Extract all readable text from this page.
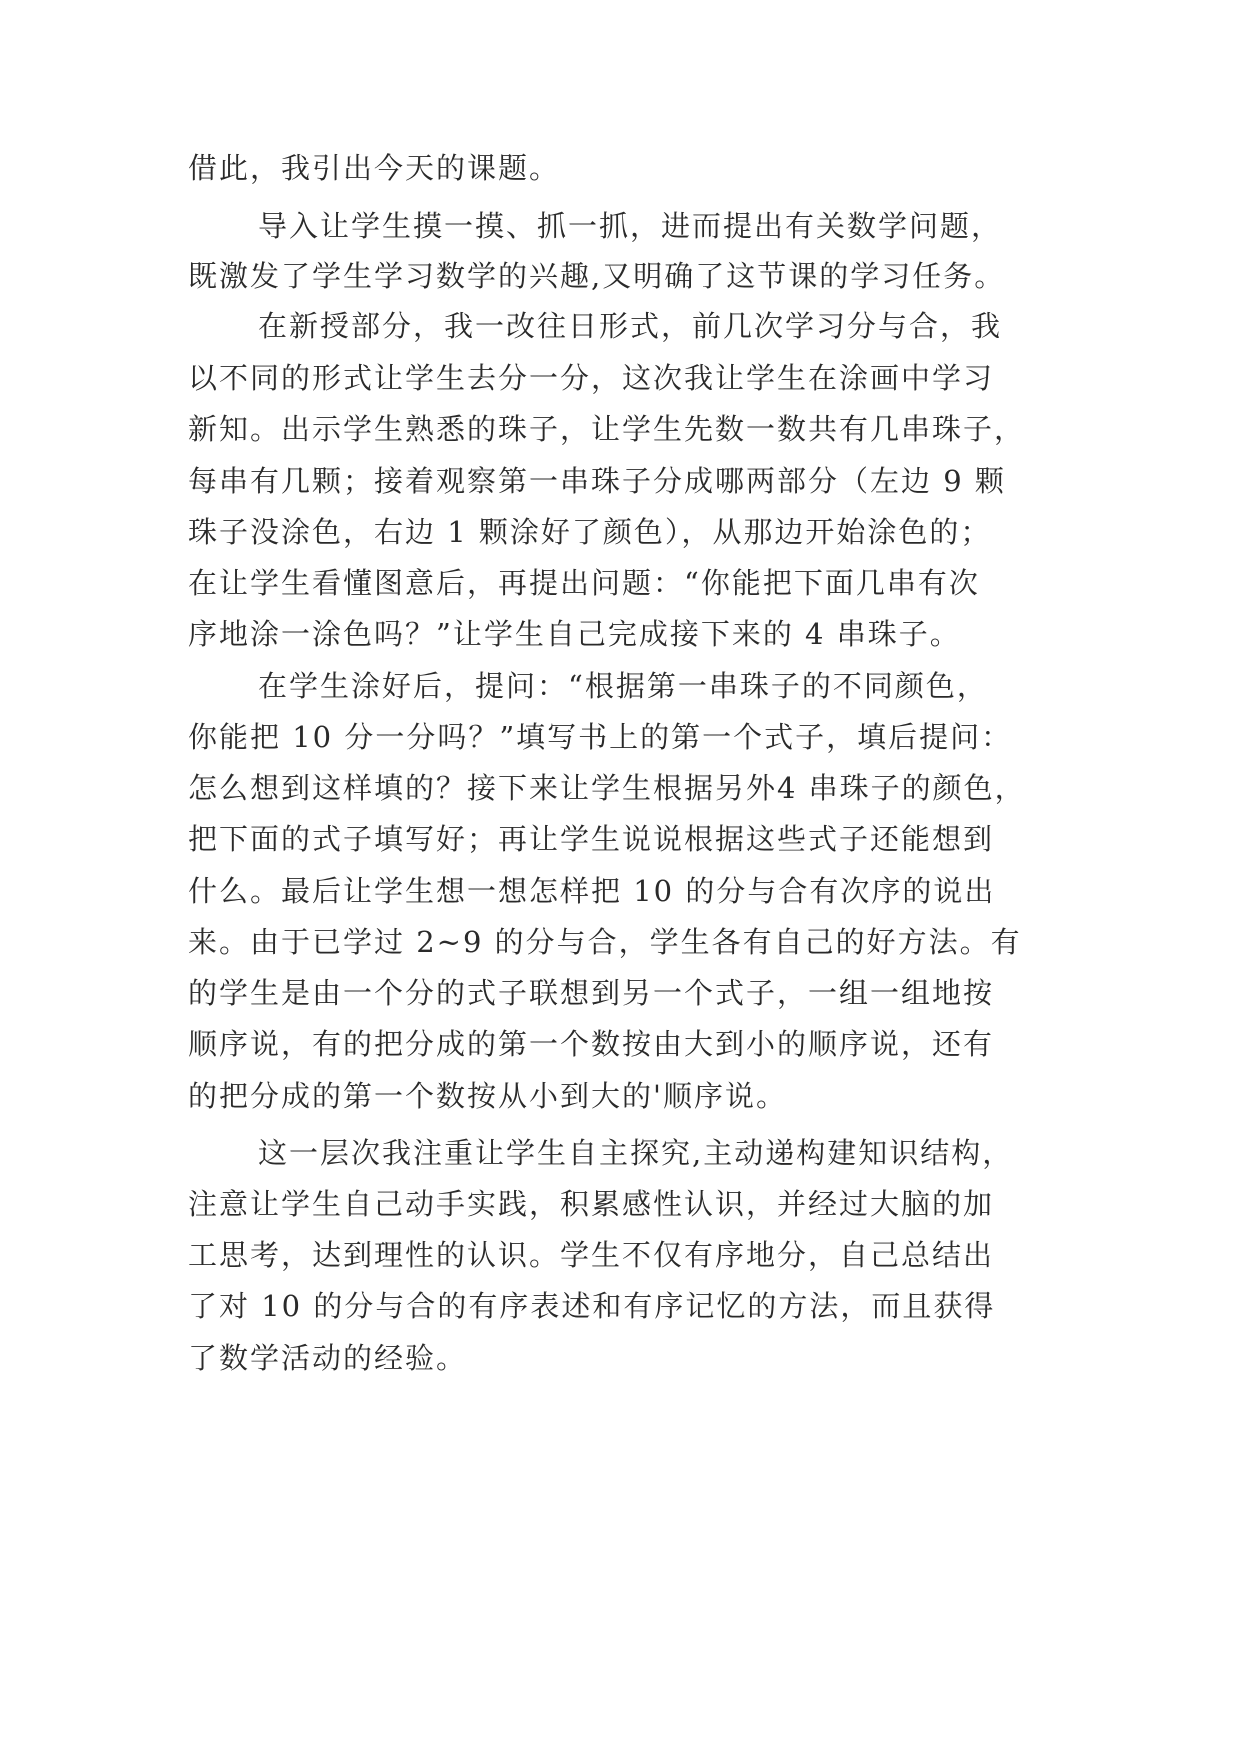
借此，我引出今天的课题。

导入让学生摸一摸、抓一抓，进而提出有关数学问题，

既激发了学生学习数学的兴趣,又明确了这节课的学习任务。

在新授部分，我一改往日形式，前几次学习分与合，我

以不同的形式让学生去分一分，这次我让学生在涂画中学习

新知。出示学生熟悉的珠子，让学生先数一数共有几串珠子，

每串有几颗；接着观察第一串珠子分成哪两部分（左边 9 颗

珠子没涂色，右边 1 颗涂好了颜色），从那边开始涂色的；

在让学生看懂图意后，再提出问题：“你能把下面几串有次

序地涂一涂色吗？”让学生自己完成接下来的 4 串珠子。

在学生涂好后，提问：“根据第一串珠子的不同颜色，

你能把 10 分一分吗？”填写书上的第一个式子，填后提问：

怎么想到这样填的？接下来让学生根据另外4 串珠子的颜色，

把下面的式子填写好；再让学生说说根据这些式子还能想到

什么。最后让学生想一想怎样把 10 的分与合有次序的说出

来。由于已学过 2~9 的分与合，学生各有自己的好方法。有

的学生是由一个分的式子联想到另一个式子，一组一组地按

顺序说，有的把分成的第一个数按由大到小的顺序说，还有

的把分成的第一个数按从小到大的'顺序说。

这一层次我注重让学生自主探究,主动递构建知识结构，

注意让学生自己动手实践，积累感性认识，并经过大脑的加

工思考，达到理性的认识。学生不仅有序地分，自己总结出

了对 10 的分与合的有序表述和有序记忆的方法，而且获得

了数学活动的经验。
